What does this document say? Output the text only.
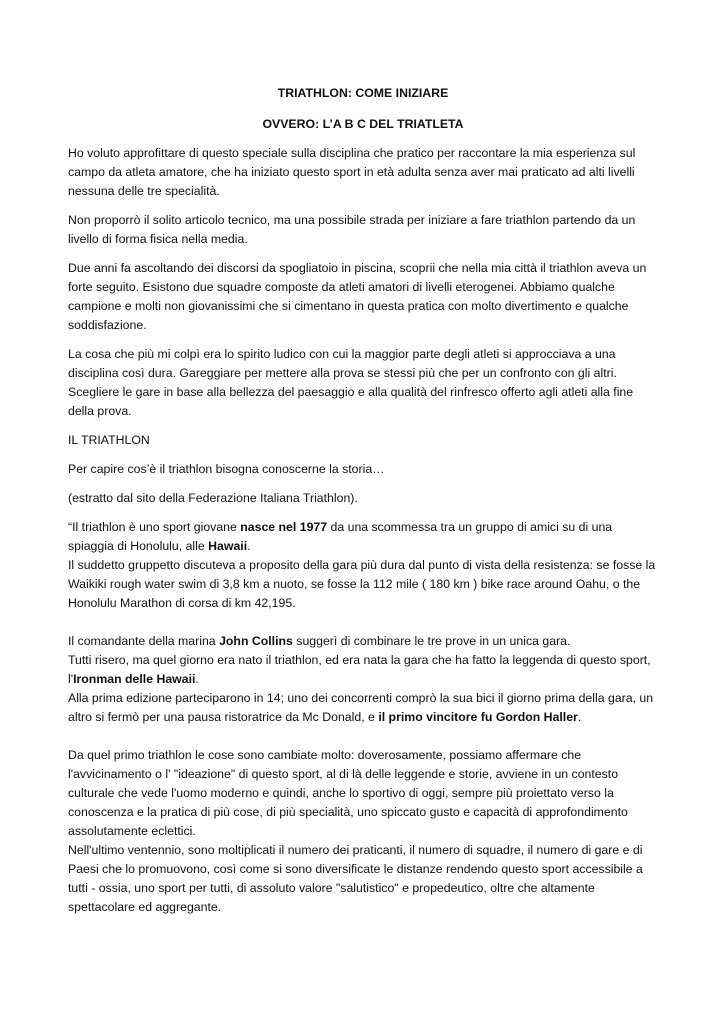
TRIATHLON: COME INIZIARE
OVVERO: L’A B C DEL TRIATLETA

Ho voluto approfittare di questo speciale sulla disciplina che pratico per raccontare la mia esperienza sul campo da atleta amatore, che ha iniziato questo sport in età adulta senza aver mai praticato ad alti livelli nessuna delle tre specialità.

Non proporrò il solito articolo tecnico, ma una possibile strada per iniziare a fare triathlon partendo da un livello di forma fisica nella media.

Due anni fa ascoltando dei discorsi da spogliatoio in piscina, scoprii che nella mia città il triathlon aveva un forte seguito. Esistono due squadre composte da atleti amatori di livelli eterogenei. Abbiamo qualche campione e molti non giovanissimi che si cimentano in questa pratica con molto divertimento e qualche soddisfazione.

La cosa che più mi colpì era lo spirito ludico con cui la maggior parte degli atleti si approcciava a una disciplina così dura. Gareggiare per mettere alla prova se stessi più che per un confronto con gli altri. Scegliere le gare in base alla bellezza del paesaggio e alla qualità del rinfresco offerto agli atleti alla fine della prova.

IL TRIATHLON

Per capire cos’è il triathlon bisogna conoscerne la storia…

(estratto dal sito della Federazione Italiana Triathlon).

“Il triathlon è uno sport giovane nasce nel 1977 da una scommessa tra un gruppo di amici su di una spiaggia di Honolulu, alle Hawaii.
Il suddetto gruppetto discuteva a proposito della gara più dura dal punto di vista della resistenza: se fosse la Waikiki rough water swim di 3,8 km a nuoto, se fosse la 112 mile ( 180 km ) bike race around Oahu, o the Honolulu Marathon di corsa di km 42,195.
Il comandante della marina John Collins suggerì di combinare le tre prove in un unica gara.
Tutti risero, ma quel giorno era nato il triathlon, ed era nata la gara che ha fatto la leggenda di questo sport, l'Ironman delle Hawaii.
Alla prima edizione parteciparono in 14; uno dei concorrenti comprò la sua bici il giorno prima della gara, un altro si fermò per una pausa ristoratrice da Mc Donald, e il primo vincitore fu Gordon Haller.
Da quel primo triathlon le cose sono cambiate molto: doverosamente, possiamo affermare che l'avvicinamento o l' "ideazione" di questo sport, al di là delle leggende e storie, avviene in un contesto culturale che vede l'uomo moderno e quindi, anche lo sportivo di oggi, sempre più proiettato verso la conoscenza e la pratica di più cose, di più specialità, uno spiccato gusto e capacità di approfondimento assolutamente eclettici.
Nell'ultimo ventennio, sono moltiplicati il numero dei praticanti, il numero di squadre, il numero di gare e di Paesi che lo promuovono, così come si sono diversificate le distanze rendendo questo sport accessibile a tutti - ossia, uno sport per tutti, di assoluto valore "salutistico" e propedeutico, oltre che altamente spettacolare ed aggregante.
